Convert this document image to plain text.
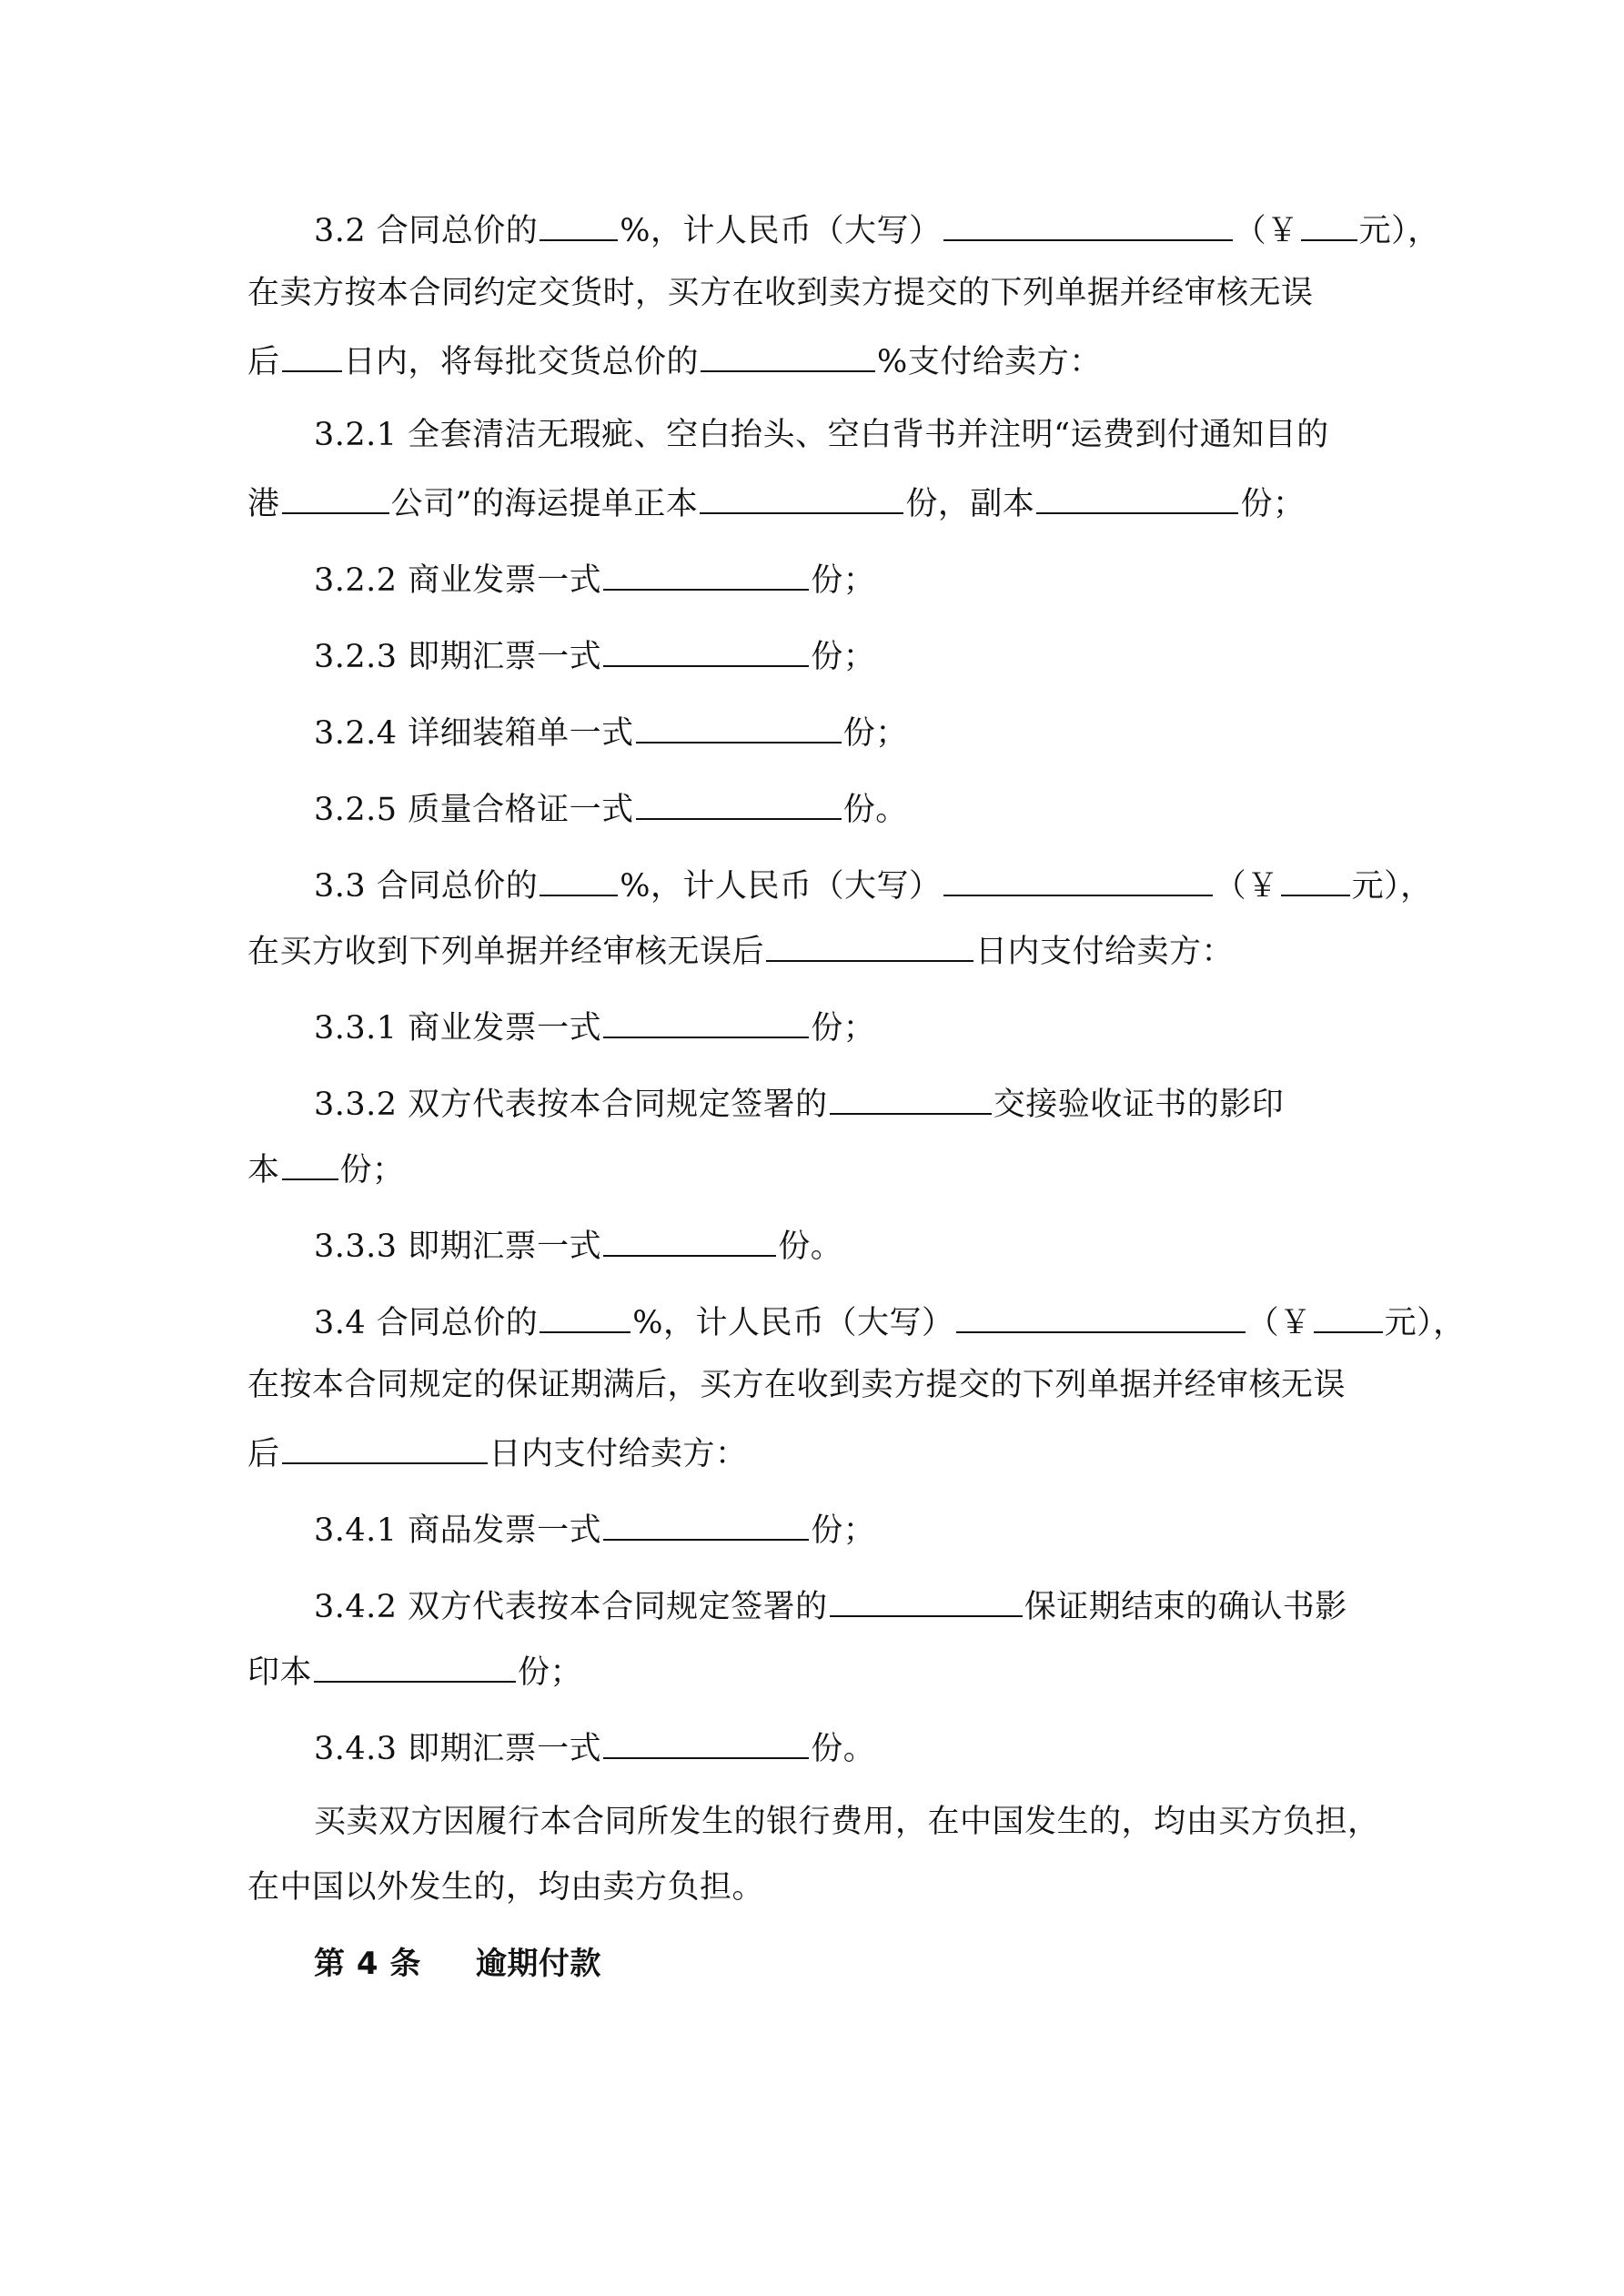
3.2 合同总价的	%，计人民币（大写）	（￥ 元），
在卖方按本合同约定交货时，买方在收到卖方提交的下列单据并经审核无误
后 日内，将每批交货总价的	%支付给卖方：
3.2.1 全套清洁无瑕疵、空白抬头、空白背书并注明“运费到付通知目的
港	公司”的海运提单正本	份，副本	份；
3.2.2 商业发票一式	份；
3.2.3 即期汇票一式	份；
3.2.4 详细装箱单一式	份；
3.2.5 质量合格证一式	份。
3.3 合同总价的	%，计人民币（大写）	（￥ 元），
在买方收到下列单据并经审核无误后	日内支付给卖方：
3.3.1 商业发票一式	份；
3.3.2 双方代表按本合同规定签署的	交接验收证书的影印
本 份；
3.3.3 即期汇票一式	份。
3.4 合同总价的	%，计人民币（大写）	（￥ 元），
在按本合同规定的保证期满后，买方在收到卖方提交的下列单据并经审核无误
后	日内支付给卖方：
3.4.1 商品发票一式	份；
3.4.2 双方代表按本合同规定签署的	保证期结束的确认书影
印本	份；
3.4.3 即期汇票一式	份。
买卖双方因履行本合同所发生的银行费用，在中国发生的，均由买方负担，
在中国以外发生的，均由卖方负担。
第 4 条 逾期付款
